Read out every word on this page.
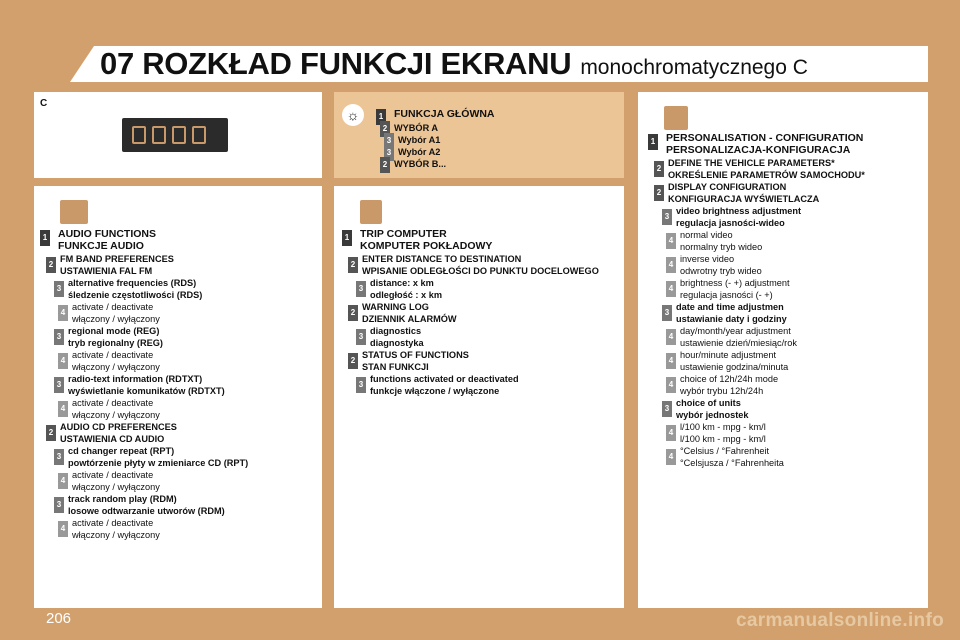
07 ROZKŁAD FUNKCJI EKRANU monochromatycznego C
C
☼
1 AUDIO FUNCTIONS
FUNKCJE AUDIO
2
FM BAND PREFERENCES
USTAWIENIA FAL FM
3
alternative frequencies (RDS)
śledzenie częstotliwości (RDS)
4
activate / deactivate
włączony / wyłączony
3
regional mode (REG)
tryb regionalny (REG)
4
activate / deactivate
włączony / wyłączony
3
radio-text information (RDTXT)
wyświetlanie komunikatów (RDTXT)
4
activate / deactivate
włączony / wyłączony
2
AUDIO CD PREFERENCES
USTAWIENIA CD AUDIO
3
cd changer repeat (RPT)
powtórzenie płyty w zmieniarce CD (RPT)
4
activate / deactivate
włączony / wyłączony
3
track random play (RDM)
losowe odtwarzanie utworów (RDM)
4
activate / deactivate
włączony / wyłączony
1 TRIP COMPUTER
KOMPUTER POKŁADOWY
2
ENTER DISTANCE TO DESTINATION
WPISANIE ODLEGŁOŚCI DO PUNKTU DOCELOWEGO
3
distance: x km
odległość : x km
2
WARNING LOG
DZIENNIK ALARMÓW
3
diagnostics
diagnostyka
2
STATUS OF FUNCTIONS
STAN FUNKCJI
3
functions activated or deactivated
funkcje włączone / wyłączone
1 PERSONALISATION - CONFIGURATION
PERSONALIZACJA-KONFIGURACJA
2
DEFINE THE VEHICLE PARAMETERS*
OKREŚLENIE PARAMETRÓW SAMOCHODU*
2
DISPLAY CONFIGURATION
KONFIGURACJA WYŚWIETLACZA
3
video brightness adjustment
regulacja jasności-wideo
4
normal video
normalny tryb wideo
4
inverse video
odwrotny tryb wideo
4
brightness (- +) adjustment
regulacja jasności (- +)
3
date and time adjustmen
ustawianie daty i godziny
4
day/month/year adjustment
ustawienie dzień/miesiąc/rok
4
hour/minute adjustment
ustawienie godzina/minuta
4
choice of 12h/24h mode
wybór trybu 12h/24h
3
choice of units
wybór jednostek
4
l/100 km - mpg - km/l
l/100 km - mpg - km/l
4
°Celsius / °Fahrenheit
°Celsjusza / °Fahrenheita
1 FUNKCJA GŁÓWNA
2 WYBÓR A
3 Wybór A1
3 Wybór A2
2 WYBÓR B...
206	carmanualsonline.info
